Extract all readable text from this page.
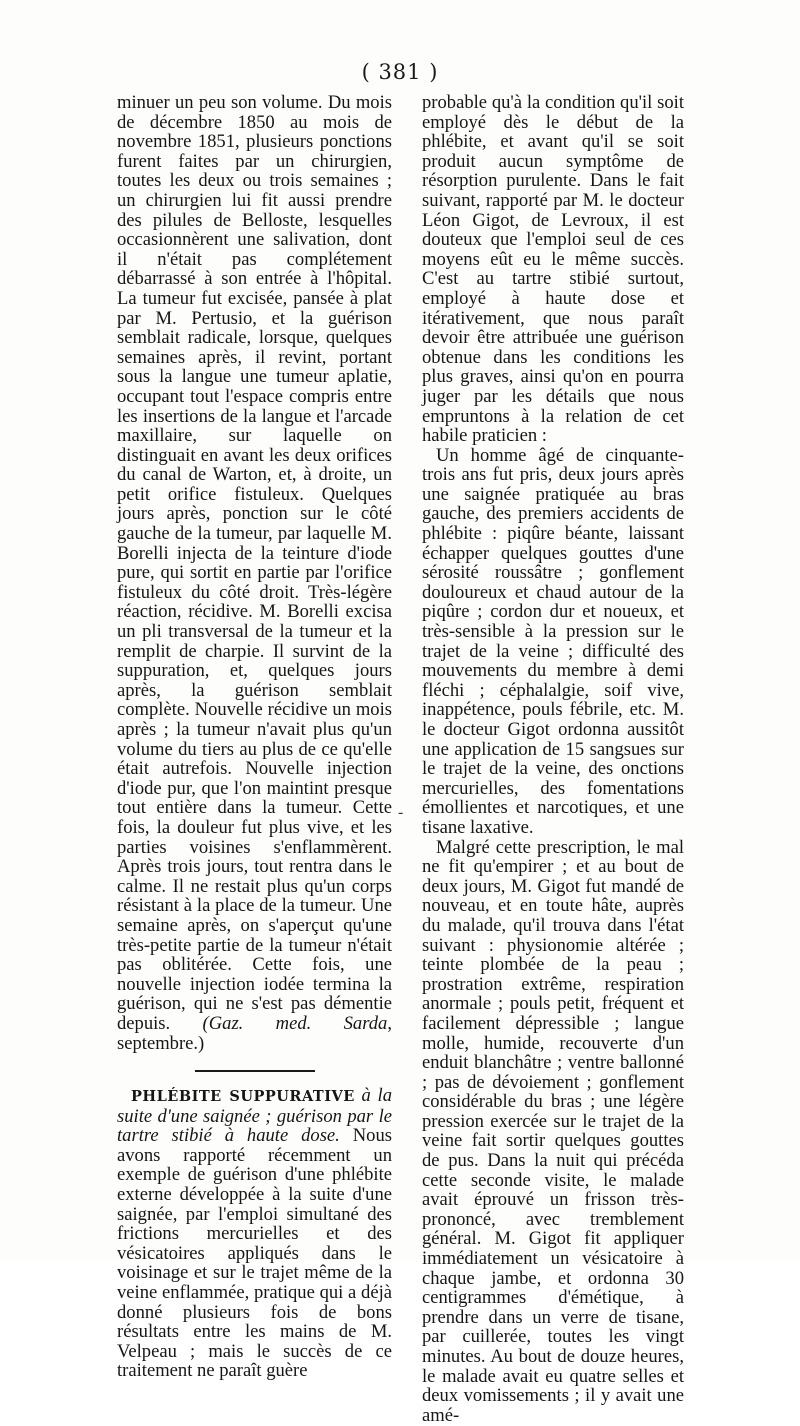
( 381 )

minuer un peu son volume. Du mois de décembre 1850 au mois de novembre 1851, plusieurs ponctions furent faites par un chirurgien, toutes les deux ou trois semaines ; un chirurgien lui fit aussi prendre des pilules de Belloste, lesquelles occasionnèrent une salivation, dont il n'était pas complétement débarrassé à son entrée à l'hôpital. La tumeur fut excisée, pansée à plat par M. Pertusio, et la guérison semblait radicale, lorsque, quelques semaines après, il revint, portant sous la langue une tumeur aplatie, occupant tout l'espace compris entre les insertions de la langue et l'arcade maxillaire, sur laquelle on distinguait en avant les deux orifices du canal de Warton, et, à droite, un petit orifice fistuleux. Quelques jours après, ponction sur le côté gauche de la tumeur, par laquelle M. Borelli injecta de la teinture d'iode pure, qui sortit en partie par l'orifice fistuleux du côté droit. Très-légère réaction, récidive. M. Borelli excisa un pli transversal de la tumeur et la remplit de charpie. Il survint de la suppuration, et, quelques jours après, la guérison semblait complète. Nouvelle récidive un mois après ; la tumeur n'avait plus qu'un volume du tiers au plus de ce qu'elle était autrefois. Nouvelle injection d'iode pur, que l'on maintint presque tout entière dans la tumeur. Cette fois, la douleur fut plus vive, et les parties voisines s'enflammèrent. Après trois jours, tout rentra dans le calme. Il ne restait plus qu'un corps résistant à la place de la tumeur. Une semaine après, on s'aperçut qu'une très-petite partie de la tumeur n'était pas oblitérée. Cette fois, une nouvelle injection iodée termina la guérison, qui ne s'est pas démentie depuis. (Gaz. med. Sarda, septembre.)

PHLÉBITE SUPPURATIVE à la suite d'une saignée ; guérison par le tartre stibié à haute dose. Nous avons rapporté récemment un exemple de guérison d'une phlébite externe développée à la suite d'une saignée, par l'emploi simultané des frictions mercurielles et des vésicatoires appliqués dans le voisinage et sur le trajet même de la veine enflammée, pratique qui a déjà donné plusieurs fois de bons résultats entre les mains de M. Velpeau ; mais le succès de ce traitement ne paraît guère

probable qu'à la condition qu'il soit employé dès le début de la phlébite, et avant qu'il se soit produit aucun symptôme de résorption purulente. Dans le fait suivant, rapporté par M. le docteur Léon Gigot, de Levroux, il est douteux que l'emploi seul de ces moyens eût eu le même succès. C'est au tartre stibié surtout, employé à haute dose et itérativement, que nous paraît devoir être attribuée une guérison obtenue dans les conditions les plus graves, ainsi qu'on en pourra juger par les détails que nous empruntons à la relation de cet habile praticien :

Un homme âgé de cinquante-trois ans fut pris, deux jours après une saignée pratiquée au bras gauche, des premiers accidents de phlébite : piqûre béante, laissant échapper quelques gouttes d'une sérosité roussâtre ; gonflement douloureux et chaud autour de la piqûre ; cordon dur et noueux, et très-sensible à la pression sur le trajet de la veine ; difficulté des mouvements du membre à demi fléchi ; céphalalgie, soif vive, inappétence, pouls fébrile, etc. M. le docteur Gigot ordonna aussitôt une application de 15 sangsues sur le trajet de la veine, des onctions mercurielles, des fomentations émollientes et narcotiques, et une tisane laxative.

Malgré cette prescription, le mal ne fit qu'empirer ; et au bout de deux jours, M. Gigot fut mandé de nouveau, et en toute hâte, auprès du malade, qu'il trouva dans l'état suivant : physionomie altérée ; teinte plombée de la peau ; prostration extrême, respiration anormale ; pouls petit, fréquent et facilement dépressible ; langue molle, humide, recouverte d'un enduit blanchâtre ; ventre ballonné ; pas de dévoiement ; gonflement considérable du bras ; une légère pression exercée sur le trajet de la veine fait sortir quelques gouttes de pus. Dans la nuit qui précéda cette seconde visite, le malade avait éprouvé un frisson très-prononcé, avec tremblement général. M. Gigot fit appliquer immédiatement un vésicatoire à chaque jambe, et ordonna 30 centigrammes d'émétique, à prendre dans un verre de tisane, par cuillerée, toutes les vingt minutes. Au bout de douze heures, le malade avait eu quatre selles et deux vomissements ; il y avait une amé-

-
